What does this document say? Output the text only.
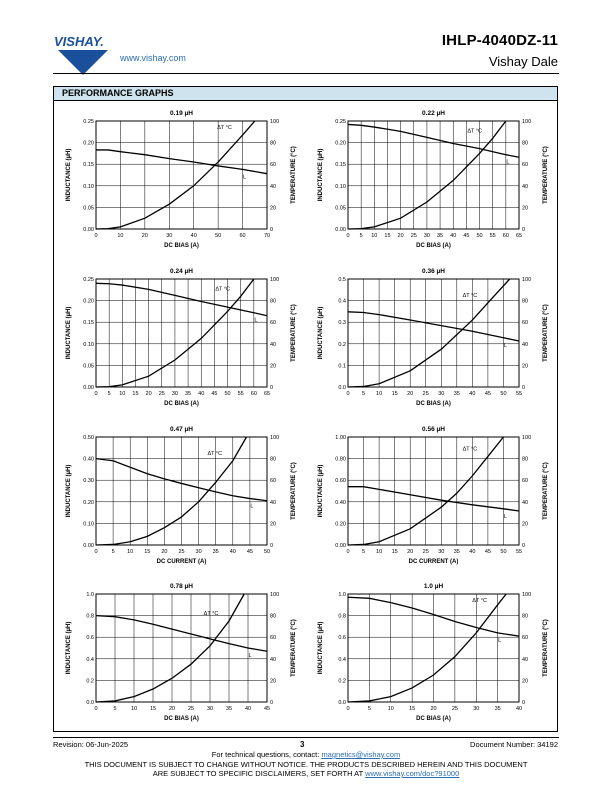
VISHAY.
www.vishay.com
IHLP-4040DZ-11
Vishay Dale
PERFORMANCE GRAPHS
0.19 µH
0	10	20	30	40	50	60	70
0.00
0.05
0.10
0.15
0.20
0.25
0
20
40
60
80
100
DC BIAS (A)
INDUCTANCE (µH)	TEMPERATURE (°C)
ΔT °C
L
0.22 µH
0 5 10 15 20 25 30 35 40 45 50 55 60 65
0.00
0.05
0.10
0.15
0.20
0.25
0
20
40
60
80
100
DC BIAS (A)
INDUCTANCE (µH)	TEMPERATURE (°C)
ΔT °C
L
0.24 µH
0 5 10 15 20 25 30 35 40 45 50 55 60 65
0.00
0.05
0.10
0.15
0.20
0.25
0
20
40
60
80
100
DC BIAS (A)
INDUCTANCE (µH)	TEMPERATURE (°C)
ΔT °C
L
0.36 µH
0 5 10 15 20 25 30 35 40 45 50 55
0.0
0.1
0.2
0.3
0.4
0.5
0
20
40
60
80
100
DC BIAS (A)
INDUCTANCE (µH)	TEMPERATURE (°C)
ΔT °C
L
0.47 µH
0	5 10 15 20 25 30 35 40 45 50
0.00
0.10
0.20
0.30
0.40
0.50
0
20
40
60
80
100
DC CURRENT (A)
INDUCTANCE (µH)	TEMPERATURE (°C)
ΔT °C
L
0.56 µH
0 5 10 15 20 25 30 35 40 45 50 55
0.00
0.20
0.40
0.60
0.80
1.00
0
20
40
60
80
100
DC CURRENT (A)
INDUCTANCE (µH)	TEMPERATURE (°C)
ΔT °C
L
0.78 µH
0	5	10 15 20 25 30 35 40 45
0.0
0.2
0.4
0.6
0.8
1.0
0
20
40
60
80
100
DC BIAS (A)
INDUCTANCE (µH)	TEMPERATURE (°C)
ΔT °C
L
1.0 µH
0	5	10	15	20	25	30	35	40
0.0
0.2
0.4
0.6
0.8
1.0
0
20
40
60
80
100
DC BIAS (A)
INDUCTANCE (µH)	TEMPERATURE (°C)
ΔT °C
L
Revision: 06-Jun-2025	3	Document Number: 34192
For technical questions, contact: magnetics@vishay.com
THIS DOCUMENT IS SUBJECT TO CHANGE WITHOUT NOTICE. THE PRODUCTS DESCRIBED HEREIN AND THIS DOCUMENT
ARE SUBJECT TO SPECIFIC DISCLAIMERS, SET FORTH AT www.vishay.com/doc?91000
